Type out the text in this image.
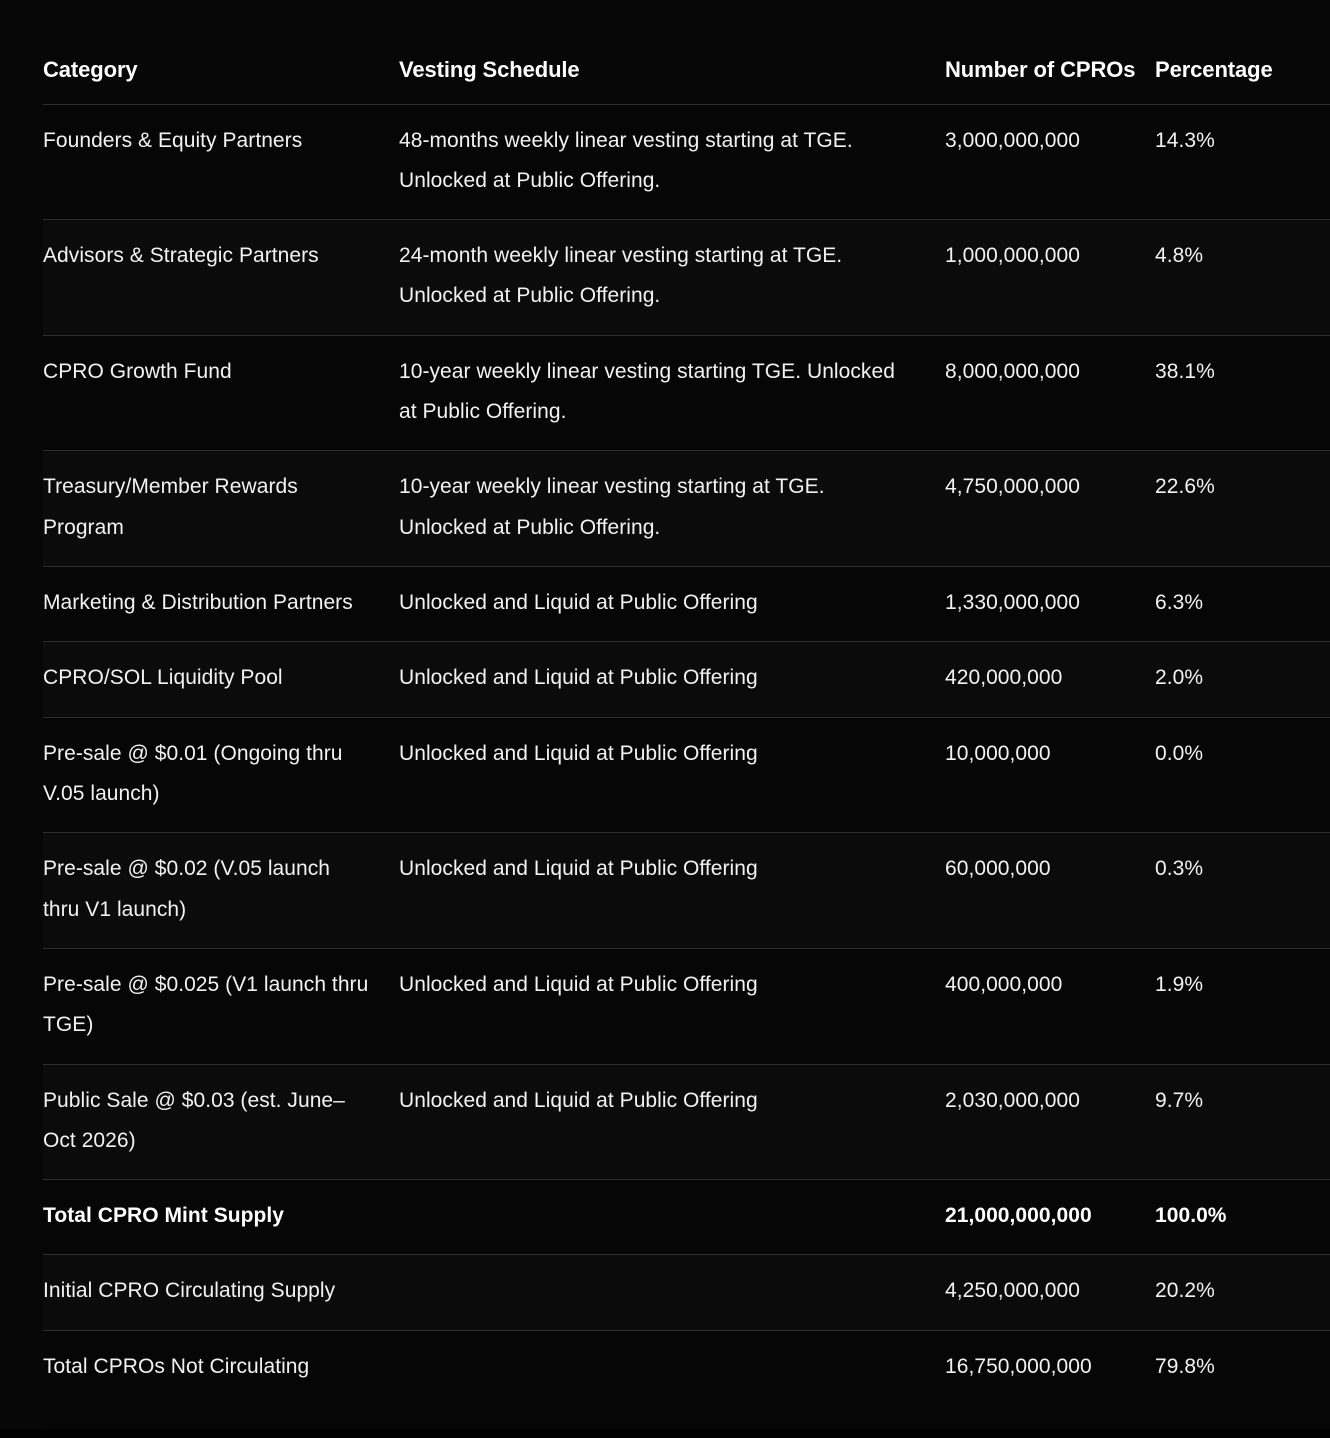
Category	Vesting Schedule	Number of CPROs	Percentage
Founders & Equity Partners	48-months weekly linear vesting starting at TGE. Unlocked at Public Offering.	3,000,000,000	14.3%
Advisors & Strategic Partners	24-month weekly linear vesting starting at TGE. Unlocked at Public Offering.	1,000,000,000	4.8%
CPRO Growth Fund	10-year weekly linear vesting starting TGE. Unlocked at Public Offering.	8,000,000,000	38.1%
Treasury/Member Rewards Program	10-year weekly linear vesting starting at TGE. Unlocked at Public Offering.	4,750,000,000	22.6%
Marketing & Distribution Partners	Unlocked and Liquid at Public Offering	1,330,000,000	6.3%
CPRO/SOL Liquidity Pool	Unlocked and Liquid at Public Offering	420,000,000	2.0%
Pre-sale @ $0.01 (Ongoing thru V.05 launch)	Unlocked and Liquid at Public Offering	10,000,000	0.0%
Pre-sale @ $0.02 (V.05 launch thru V1 launch)	Unlocked and Liquid at Public Offering	60,000,000	0.3%
Pre-sale @ $0.025 (V1 launch thru TGE)	Unlocked and Liquid at Public Offering	400,000,000	1.9%
Public Sale @ $0.03 (est. June–Oct 2026)	Unlocked and Liquid at Public Offering	2,030,000,000	9.7%
Total CPRO Mint Supply		21,000,000,000	100.0%
Initial CPRO Circulating Supply		4,250,000,000	20.2%
Total CPROs Not Circulating		16,750,000,000	79.8%
